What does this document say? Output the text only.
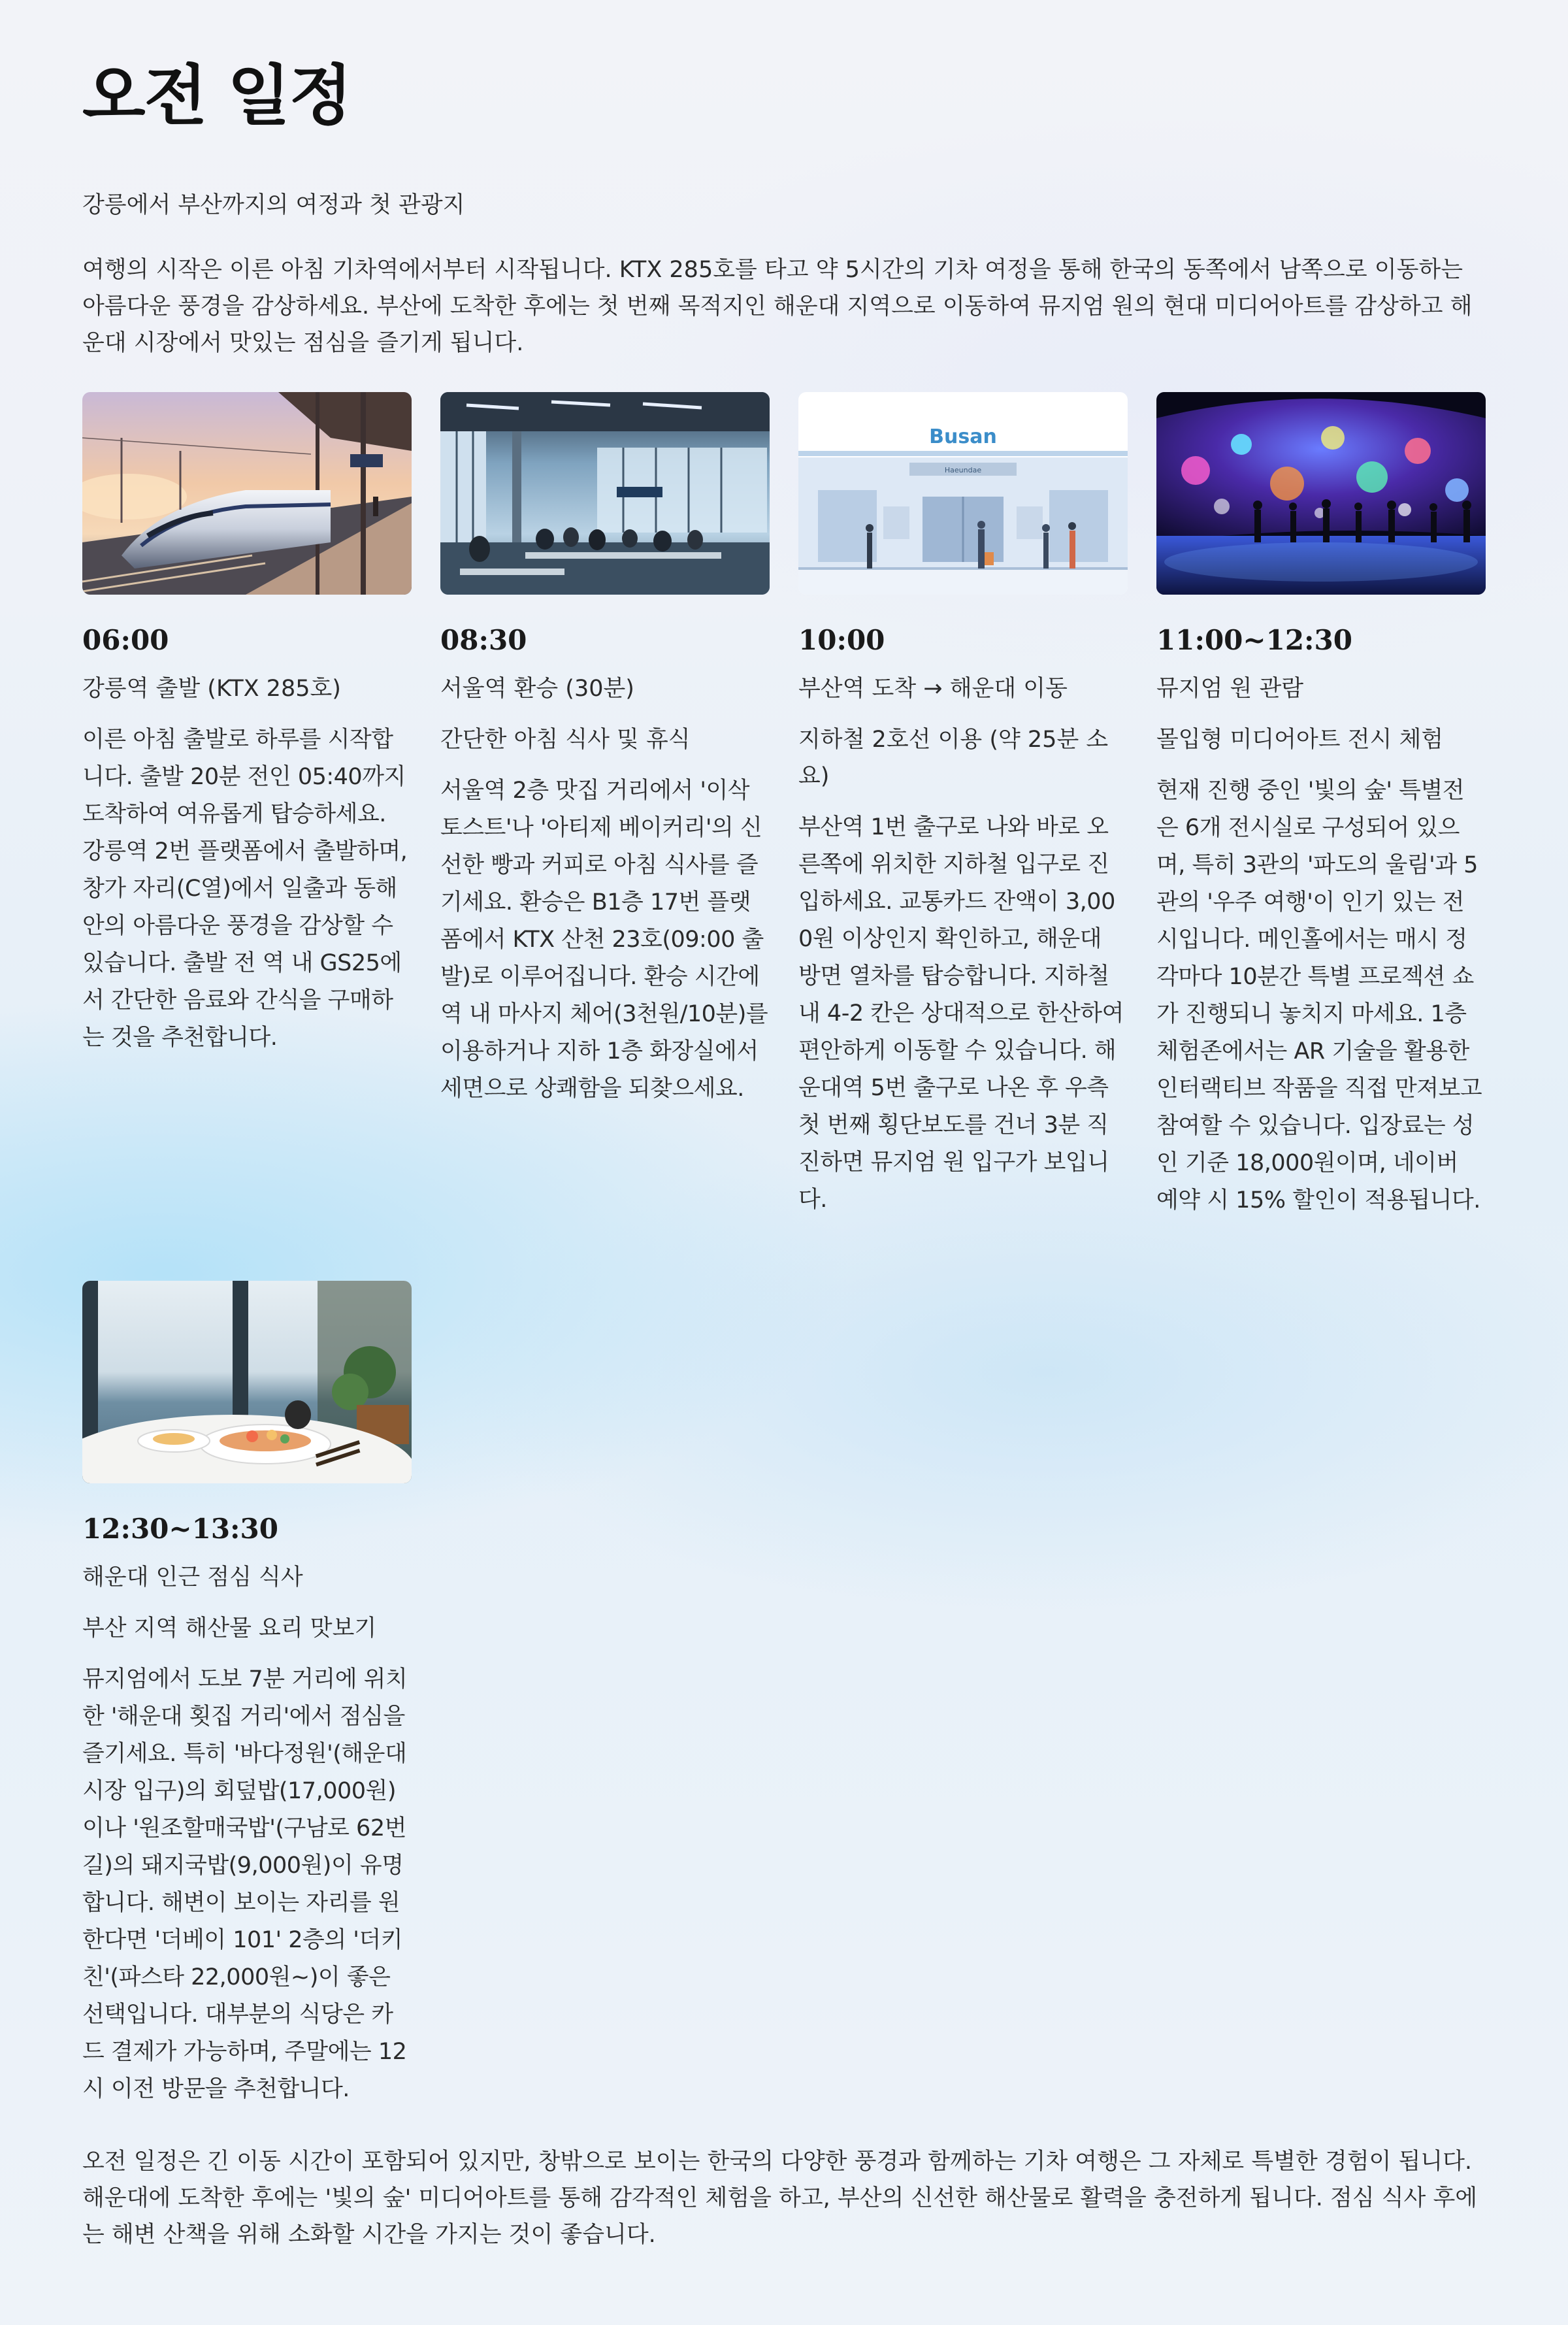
오전 일정

강릉에서 부산까지의 여정과 첫 관광지

여행의 시작은 이른 아침 기차역에서부터 시작됩니다. KTX 285호를 타고 약 5시간의 기차 여정을 통해 한국의 동쪽에서 남쪽으로 이동하는 아름다운 풍경을 감상하세요. 부산에 도착한 후에는 첫 번째 목적지인 해운대 지역으로 이동하여 뮤지엄 원의 현대 미디어아트를 감상하고 해운대 시장에서 맛있는 점심을 즐기게 됩니다.

06:00

강릉역 출발 (KTX 285호)

이른 아침 출발로 하루를 시작합니다. 출발 20분 전인 05:40까지 도착하여 여유롭게 탑승하세요. 강릉역 2번 플랫폼에서 출발하며, 창가 자리(C열)에서 일출과 동해안의 아름다운 풍경을 감상할 수 있습니다. 출발 전 역 내 GS25에서 간단한 음료와 간식을 구매하는 것을 추천합니다.

08:30

서울역 환승 (30분)

간단한 아침 식사 및 휴식

서울역 2층 맛집 거리에서 '이삭토스트'나 '아티제 베이커리'의 신선한 빵과 커피로 아침 식사를 즐기세요. 환승은 B1층 17번 플랫폼에서 KTX 산천 23호(09:00 출발)로 이루어집니다. 환승 시간에 역 내 마사지 체어(3천원/10분)를 이용하거나 지하 1층 화장실에서 세면으로 상쾌함을 되찾으세요.

Busan
Haeundae

10:00

부산역 도착 → 해운대 이동

지하철 2호선 이용 (약 25분 소요)

부산역 1번 출구로 나와 바로 오른쪽에 위치한 지하철 입구로 진입하세요. 교통카드 잔액이 3,000원 이상인지 확인하고, 해운대 방면 열차를 탑승합니다. 지하철 내 4-2 칸은 상대적으로 한산하여 편안하게 이동할 수 있습니다. 해운대역 5번 출구로 나온 후 우측 첫 번째 횡단보도를 건너 3분 직진하면 뮤지엄 원 입구가 보입니다.

11:00~12:30

뮤지엄 원 관람

몰입형 미디어아트 전시 체험

현재 진행 중인 '빛의 숲' 특별전은 6개 전시실로 구성되어 있으며, 특히 3관의 '파도의 울림'과 5관의 '우주 여행'이 인기 있는 전시입니다. 메인홀에서는 매시 정각마다 10분간 특별 프로젝션 쇼가 진행되니 놓치지 마세요. 1층 체험존에서는 AR 기술을 활용한 인터랙티브 작품을 직접 만져보고 참여할 수 있습니다. 입장료는 성인 기준 18,000원이며, 네이버 예약 시 15% 할인이 적용됩니다.

12:30~13:30

해운대 인근 점심 식사

부산 지역 해산물 요리 맛보기

뮤지엄에서 도보 7분 거리에 위치한 '해운대 횟집 거리'에서 점심을 즐기세요. 특히 '바다정원'(해운대시장 입구)의 회덮밥(17,000원)이나 '원조할매국밥'(구남로 62번길)의 돼지국밥(9,000원)이 유명합니다. 해변이 보이는 자리를 원한다면 '더베이 101' 2층의 '더키친'(파스타 22,000원~)이 좋은 선택입니다. 대부분의 식당은 카드 결제가 가능하며, 주말에는 12시 이전 방문을 추천합니다.

오전 일정은 긴 이동 시간이 포함되어 있지만, 창밖으로 보이는 한국의 다양한 풍경과 함께하는 기차 여행은 그 자체로 특별한 경험이 됩니다. 해운대에 도착한 후에는 '빛의 숲' 미디어아트를 통해 감각적인 체험을 하고, 부산의 신선한 해산물로 활력을 충전하게 됩니다. 점심 식사 후에는 해변 산책을 위해 소화할 시간을 가지는 것이 좋습니다.
